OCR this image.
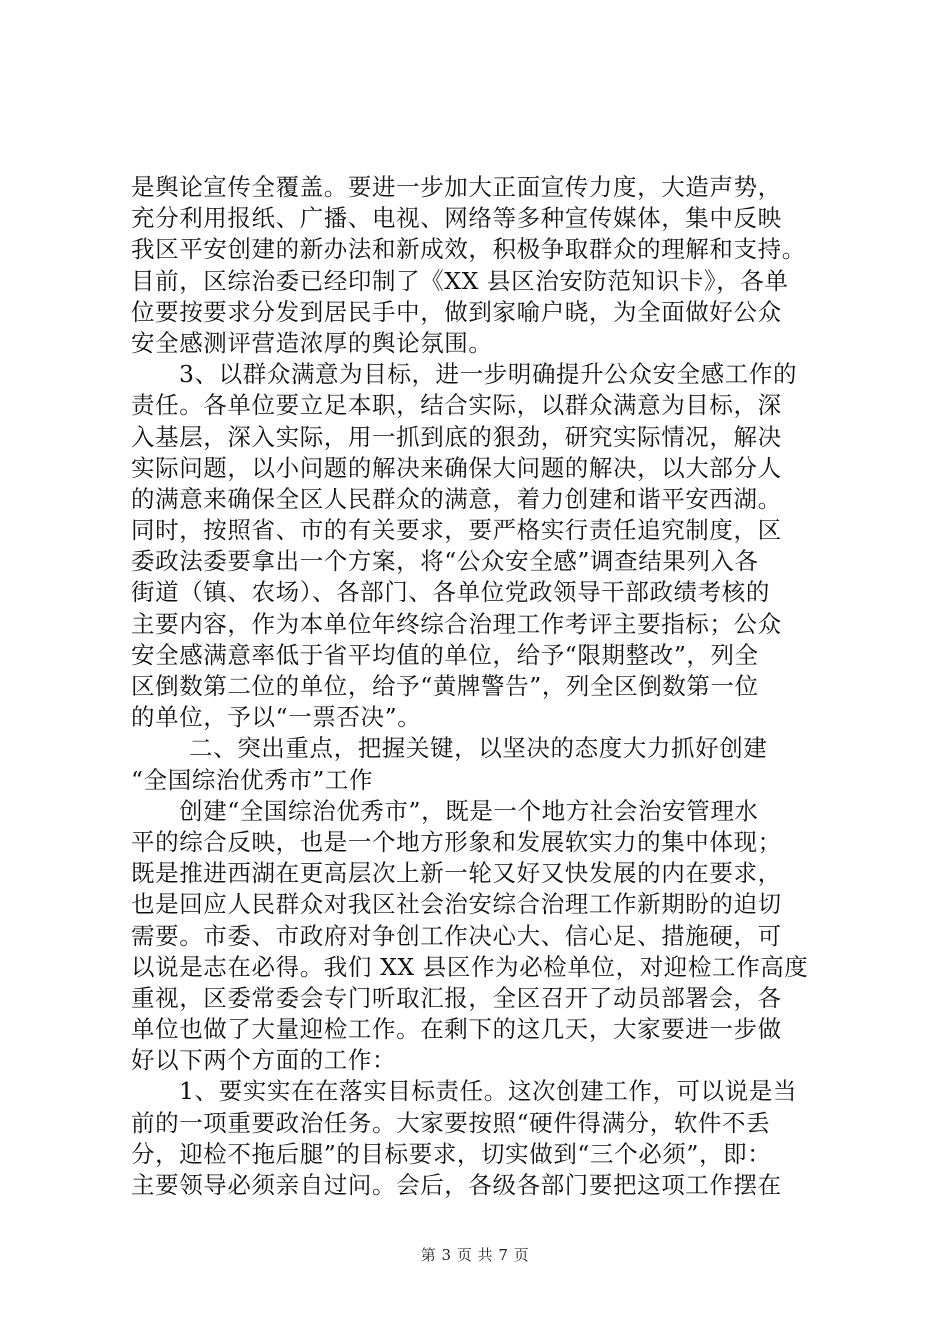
是舆论宣传全覆盖。要进一步加大正面宣传力度，大造声势，
充分利用报纸、广播、电视、网络等多种宣传媒体，集中反映
我区平安创建的新办法和新成效，积极争取群众的理解和支持。
目前，区综治委已经印制了《XX 县区治安防范知识卡》，各单
位要按要求分发到居民手中，做到家喻户晓，为全面做好公众
安全感测评营造浓厚的舆论氛围。
3、以群众满意为目标，进一步明确提升公众安全感工作的
责任。各单位要立足本职，结合实际，以群众满意为目标，深
入基层，深入实际，用一抓到底的狠劲，研究实际情况，解决
实际问题，以小问题的解决来确保大问题的解决，以大部分人
的满意来确保全区人民群众的满意，着力创建和谐平安西湖。
同时，按照省、市的有关要求，要严格实行责任追究制度，区
委政法委要拿出一个方案，将“公众安全感”调查结果列入各
街道（镇、农场）、各部门、各单位党政领导干部政绩考核的
主要内容，作为本单位年终综合治理工作考评主要指标；公众
安全感满意率低于省平均值的单位，给予“限期整改”，列全
区倒数第二位的单位，给予“黄牌警告”，列全区倒数第一位
的单位，予以“一票否决”。
二、突出重点，把握关键，以坚决的态度大力抓好创建
“全国综治优秀市”工作
创建“全国综治优秀市”，既是一个地方社会治安管理水
平的综合反映，也是一个地方形象和发展软实力的集中体现；
既是推进西湖在更高层次上新一轮又好又快发展的内在要求，
也是回应人民群众对我区社会治安综合治理工作新期盼的迫切
需要。市委、市政府对争创工作决心大、信心足、措施硬，可
以说是志在必得。我们 XX 县区作为必检单位，对迎检工作高度
重视，区委常委会专门听取汇报，全区召开了动员部署会，各
单位也做了大量迎检工作。在剩下的这几天，大家要进一步做
好以下两个方面的工作：
1、要实实在在落实目标责任。这次创建工作，可以说是当
前的一项重要政治任务。大家要按照“硬件得满分，软件不丢
分，迎检不拖后腿”的目标要求，切实做到“三个必须”，即：
主要领导必须亲自过问。会后，各级各部门要把这项工作摆在
第 3 页 共 7 页
